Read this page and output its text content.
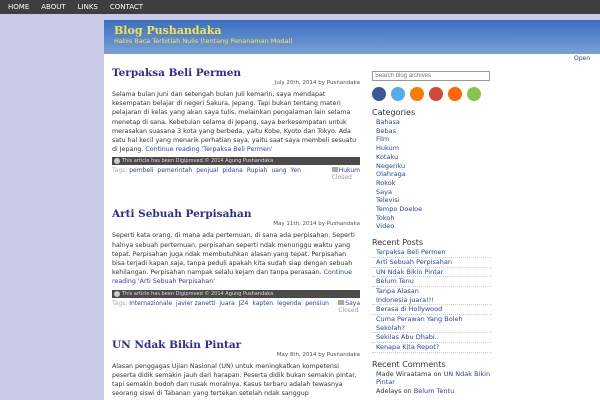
HOME ABOUT LINKS CONTACT
Blog Pushandaka
Habis Baca Terbitlah Nulis (tentang Penanaman Modal)
Open
Terpaksa Beli Permen
July 20th, 2014 by Pushandaka
Selama bulan Juni dan setengah bulan Juli kemarin, saya mendapat kesempatan belajar di negeri Sakura, Jepang. Tapi bukan tentang materi pelajaran di kelas yang akan saya tulis, melainkan pengalaman lain selama menetap di sana. Kebetulan selama di Jepang, saya berkesempatan untuk merasakan suasana 3 kota yang berbeda, yaitu Kobe, Kyoto dan Tokyo. Ada satu hal kecil yang menarik perhatian saya, yaitu saat saya membeli sesuatu di Jepang. Continue reading 'Terpaksa Beli Permen'
This article has been Digiproved © 2014 Agung Pushandaka
Tags: pembeli pemerintah penjual pidana Rupiah uang Yen	Hukum
Closed
Arti Sebuah Perpisahan
May 11th, 2014 by Pushandaka
Seperti kata orang, di mana ada pertemuan, di sana ada perpisahan. Seperti halnya sebuah pertemuan, perpisahan seperti ndak menunggu waktu yang tepat. Perpisahan juga ndak membutuhkan alasan yang tepat. Perpisahan bisa terjadi kapan saja, tanpa peduli apakah kita sudah siap dengan sebuah kehilangan. Perpisahan nampak selalu kejam dan tanpa perasaan. Continue reading 'Arti Sebuah Perpisahan'
This article has been Digiproved © 2014 Agung Pushandaka
Tags: Internazionale javier zanetti juara JZ4 kapten legenda pensiun	Saya
Closed
UN Ndak Bikin Pintar
May 8th, 2014 by Pushandaka
Alasan penggagas Ujian Nasional (UN) untuk meningkatkan kompetensi peserta didik semakin jauh dari harapan. Peserta didik bukan semakin pintar, tapi semakin bodoh dan rusak moralnya. Kasus terbaru adalah tewasnya seorang siswi di Tabanan yang tertekan setelah ndak sanggup
Search blog archives
Categories
Bahasa
Bebas
Film
Hukum
Kotaku
Negeriku
Olahraga
Rokok
Saya
Televisi
Tempo Doeloe
Tokoh
Video
Recent Posts
Terpaksa Beli Permen
Arti Sebuah Perpisahan
UN Ndak Bikin Pintar
Belum Tenu
Tanpa Alasan
Indonesia juara!!!
Berasa di Hollywood
Cuma Perawan Yang Boleh
Sekolah?
Sekilas Abu Dhabi..
Kenapa Kita Repot?
Recent Comments
Made Wiraatama on UN Ndak Bikin Pintar
Adelays on Belum Tentu
